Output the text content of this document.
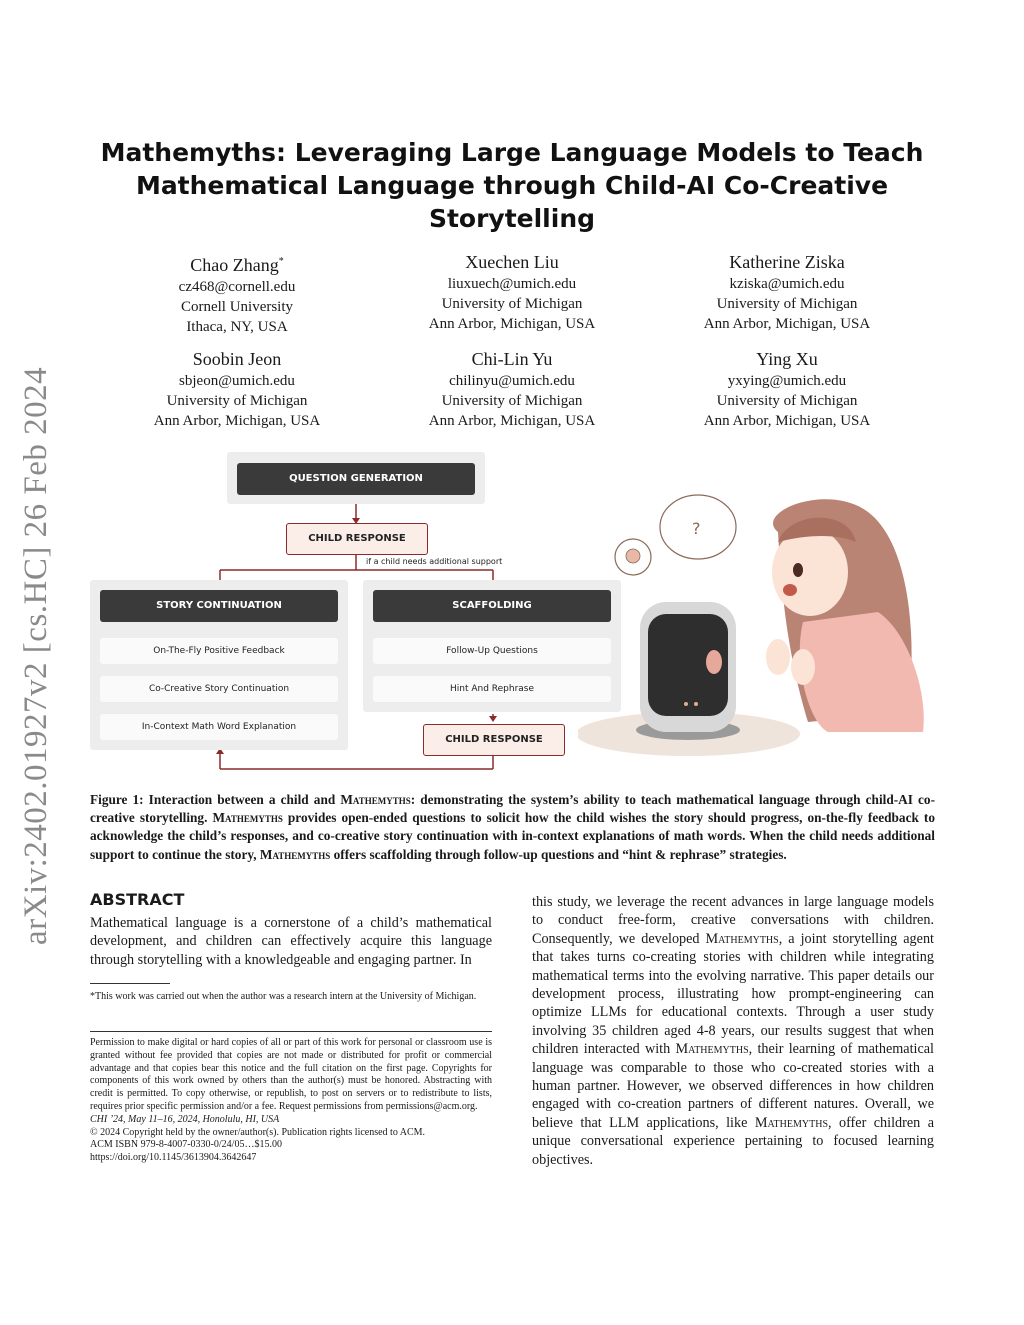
arXiv:2402.01927v2 [cs.HC] 26 Feb 2024
Mathemyths: Leveraging Large Language Models to Teach Mathematical Language through Child-AI Co-Creative Storytelling
Chao Zhang*
cz468@cornell.edu
Cornell University
Ithaca, NY, USA
Xuechen Liu
liuxuech@umich.edu
University of Michigan
Ann Arbor, Michigan, USA
Katherine Ziska
kziska@umich.edu
University of Michigan
Ann Arbor, Michigan, USA
Soobin Jeon
sbjeon@umich.edu
University of Michigan
Ann Arbor, Michigan, USA
Chi-Lin Yu
chilinyu@umich.edu
University of Michigan
Ann Arbor, Michigan, USA
Ying Xu
yxying@umich.edu
University of Michigan
Ann Arbor, Michigan, USA
QUESTION GENERATION
CHILD RESPONSE
if a child needs additional support
STORY CONTINUATION
On-The-Fly Positive Feedback
Co-Creative Story Continuation
In-Context Math Word Explanation
SCAFFOLDING
Follow-Up Questions
Hint And Rephrase
CHILD RESPONSE
?
Figure 1: Interaction between a child and Mathemyths: demonstrating the system’s ability to teach mathematical language through child-AI co-creative storytelling. Mathemyths provides open-ended questions to solicit how the child wishes the story should progress, on-the-fly feedback to acknowledge the child’s responses, and co-creative story continuation with in-context explanations of math words. When the child needs additional support to continue the story, Mathemyths offers scaffolding through follow-up questions and “hint & rephrase” strategies.
ABSTRACT
Mathematical language is a cornerstone of a child’s mathematical development, and children can effectively acquire this language through storytelling with a knowledgeable and engaging partner. In
*This work was carried out when the author was a research intern at the University of Michigan.
Permission to make digital or hard copies of all or part of this work for personal or classroom use is granted without fee provided that copies are not made or distributed for profit or commercial advantage and that copies bear this notice and the full citation on the first page. Copyrights for components of this work owned by others than the author(s) must be honored. Abstracting with credit is permitted. To copy otherwise, or republish, to post on servers or to redistribute to lists, requires prior specific permission and/or a fee. Request permissions from permissions@acm.org.
CHI ’24, May 11–16, 2024, Honolulu, HI, USA
© 2024 Copyright held by the owner/author(s). Publication rights licensed to ACM.
ACM ISBN 979-8-4007-0330-0/24/05…$15.00
https://doi.org/10.1145/3613904.3642647
this study, we leverage the recent advances in large language models to conduct free-form, creative conversations with children. Consequently, we developed Mathemyths, a joint storytelling agent that takes turns co-creating stories with children while integrating mathematical terms into the evolving narrative. This paper details our development process, illustrating how prompt-engineering can optimize LLMs for educational contexts. Through a user study involving 35 children aged 4-8 years, our results suggest that when children interacted with Mathemyths, their learning of mathematical language was comparable to those who co-created stories with a human partner. However, we observed differences in how children engaged with co-creation partners of different natures. Overall, we believe that LLM applications, like Mathemyths, offer children a unique conversational experience pertaining to focused learning objectives.
